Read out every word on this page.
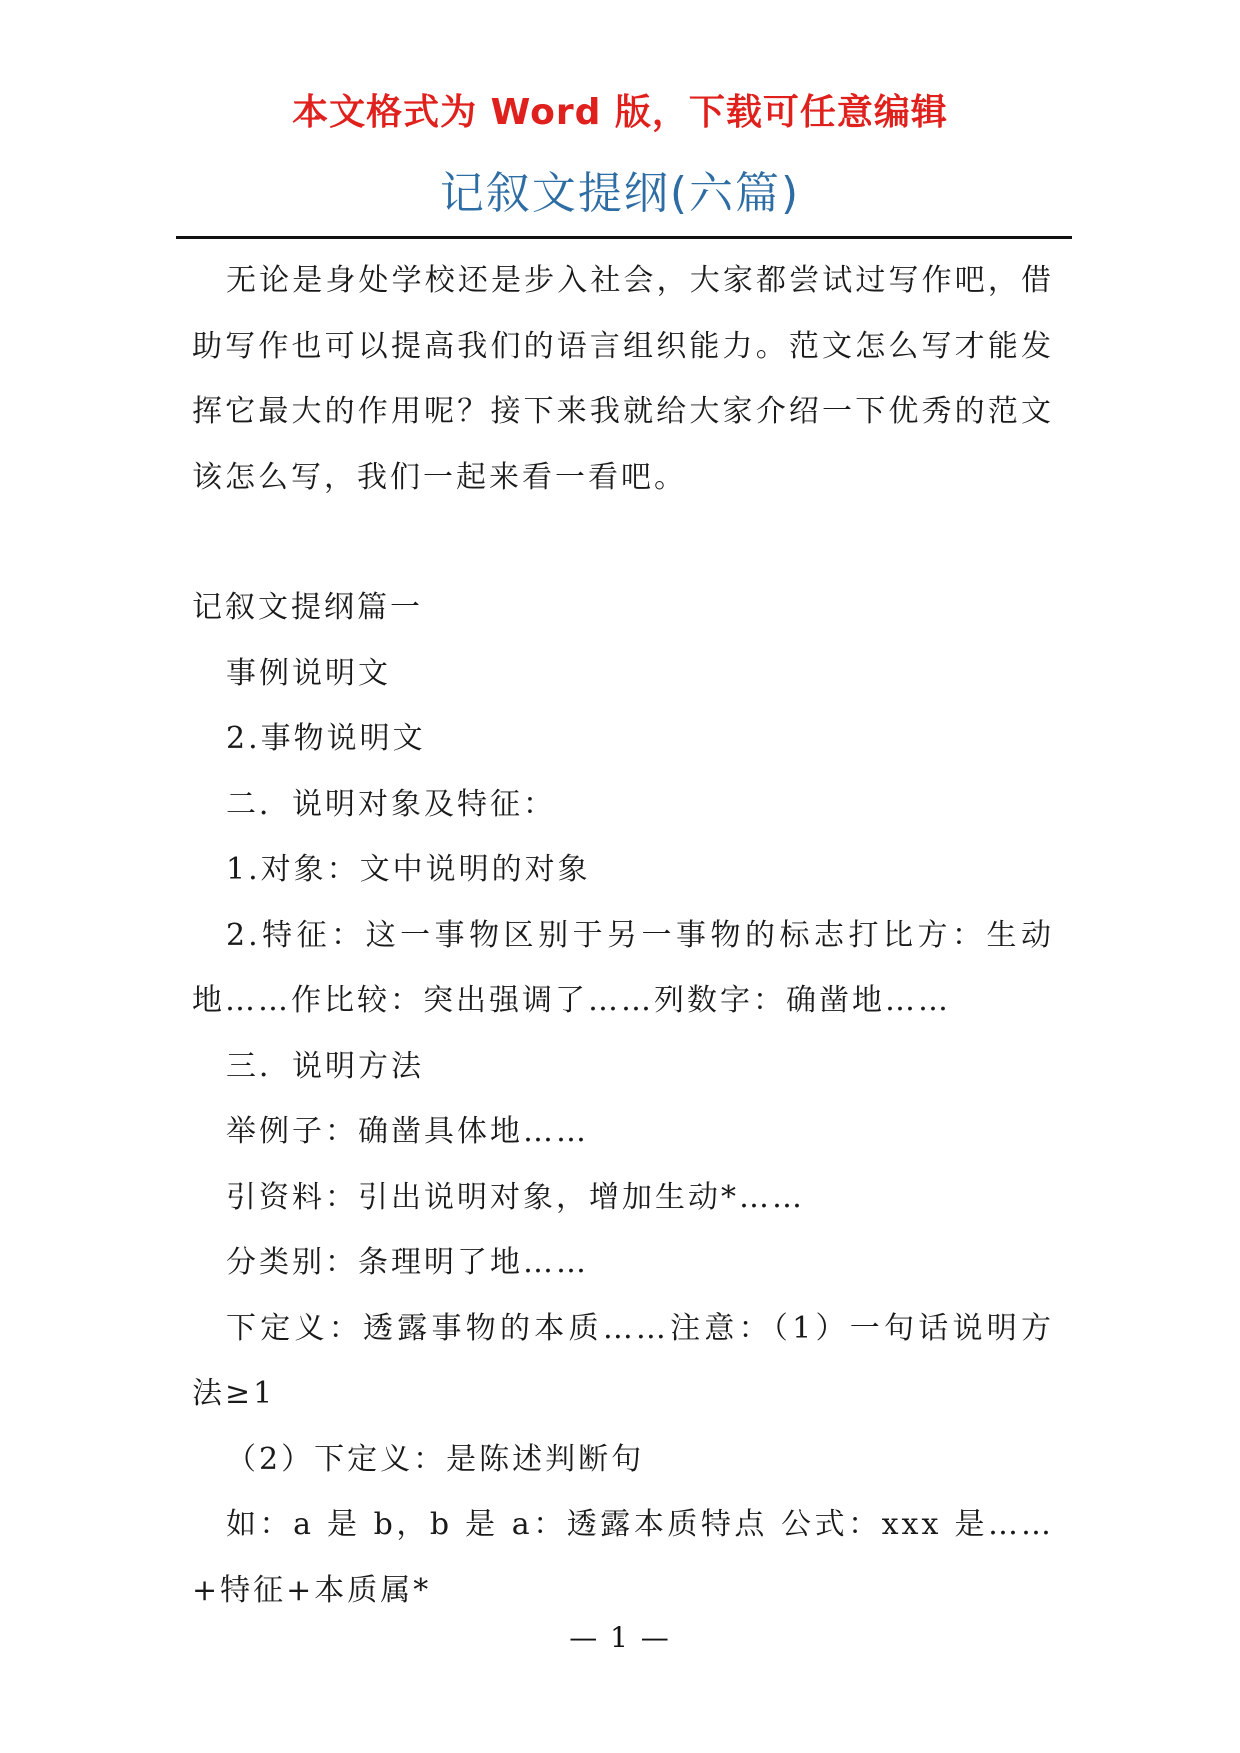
本文格式为 Word 版，下载可任意编辑
记叙文提纲(六篇)

无论是身处学校还是步入社会，大家都尝试过写作吧，借助写作也可以提高我们的语言组织能力。范文怎么写才能发挥它最大的作用呢？接下来我就给大家介绍一下优秀的范文该怎么写，我们一起来看一看吧。

记叙文提纲篇一

事例说明文

2.事物说明文

二．说明对象及特征：

1.对象：文中说明的对象

2.特征：这一事物区别于另一事物的标志打比方：生动地……作比较：突出强调了……列数字：确凿地……

三．说明方法

举例子：确凿具体地……

引资料：引出说明对象，增加生动*……

分类别：条理明了地……

下定义：透露事物的本质……注意：（1）一句话说明方法≥1

（2）下定义：是陈述判断句

如：a 是 b，b 是 a：透露本质特点 公式：xxx 是……+特征+本质属*

— 1 —
